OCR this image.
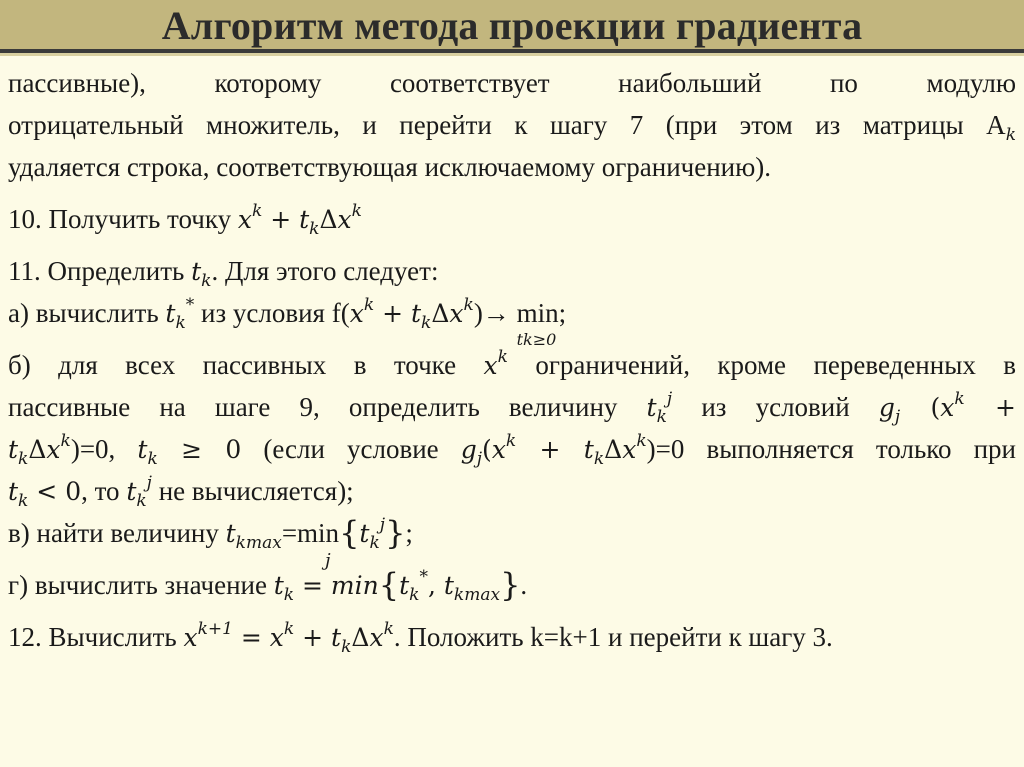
Алгоритм метода проекции градиента
пассивные), которому соответствует наибольший по модулю
отрицательный множитель, и перейти к шагу 7 (при этом из матрицы $A_k$
удаляется строка, соответствующая исключаемому ограничению).
10. Получить точку $x^k + t_k\Delta x^k$
11. Определить $t_k$. Для этого следует:
а) вычислить $t_k^*$ из условия $f(x^k + t_k\Delta x^k)\to \min$
tk≥0
;
б) для всех пассивных в точке $x^k$ ограничений, кроме переведенных в
пассивные на шаге 9, определить величину $t_k^j$ из условий $g_j$ ($x^k$ +
$t_k\Delta x^k)=0$, $t_k \ge 0$ (если условие $g_j(x^k + t_k\Delta x^k)=0$ выполняется только при
$t_k < 0$, то $t_k^j$ не вычисляется);
в) найти величину $t_{kmax}=\min$
j
$\{t_k^j\}$;
г) вычислить значение $t_k = \min\{t_k^*$, $t_{kmax}$}.
12. Вычислить $x^{k+1} = x^k + t_k\Delta x^k$. Положить k=k+1 и перейти к шагу 3.
